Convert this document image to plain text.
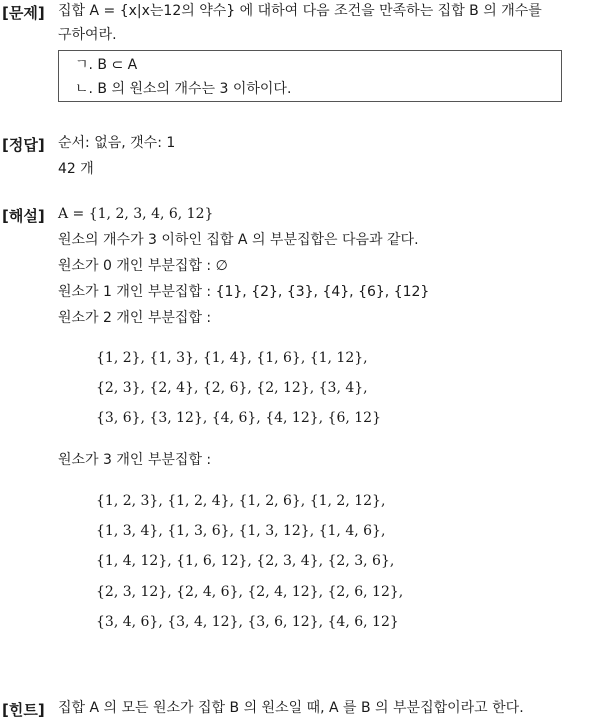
[문제] 집합 A = {x|x는12의 약수} 에 대하여 다음 조건을 만족하는 집합 B 의 개수를
구하여라.
ㄱ. B ⊂ A
ㄴ. B 의 원소의 개수는 3 이하이다.
[정답] 순서: 없음, 갯수: 1
42 개
[해설] A = {1, 2, 3, 4, 6, 12}
원소의 개수가 3 이하인 집합 A 의 부분집합은 다음과 같다.
원소가 0 개인 부분집합 : ∅
원소가 1 개인 부분집합 : {1}, {2}, {3}, {4}, {6}, {12}
원소가 2 개인 부분집합 :
{1, 2}, {1, 3}, {1, 4}, {1, 6}, {1, 12},
{2, 3}, {2, 4}, {2, 6}, {2, 12}, {3, 4},
{3, 6}, {3, 12}, {4, 6}, {4, 12}, {6, 12}
원소가 3 개인 부분집합 :
{1, 2, 3}, {1, 2, 4}, {1, 2, 6}, {1, 2, 12},
{1, 3, 4}, {1, 3, 6}, {1, 3, 12}, {1, 4, 6},
{1, 4, 12}, {1, 6, 12}, {2, 3, 4}, {2, 3, 6},
{2, 3, 12}, {2, 4, 6}, {2, 4, 12}, {2, 6, 12},
{3, 4, 6}, {3, 4, 12}, {3, 6, 12}, {4, 6, 12}
[힌트] 집합 A 의 모든 원소가 집합 B 의 원소일 때, A 를 B 의 부분집합이라고 한다.
